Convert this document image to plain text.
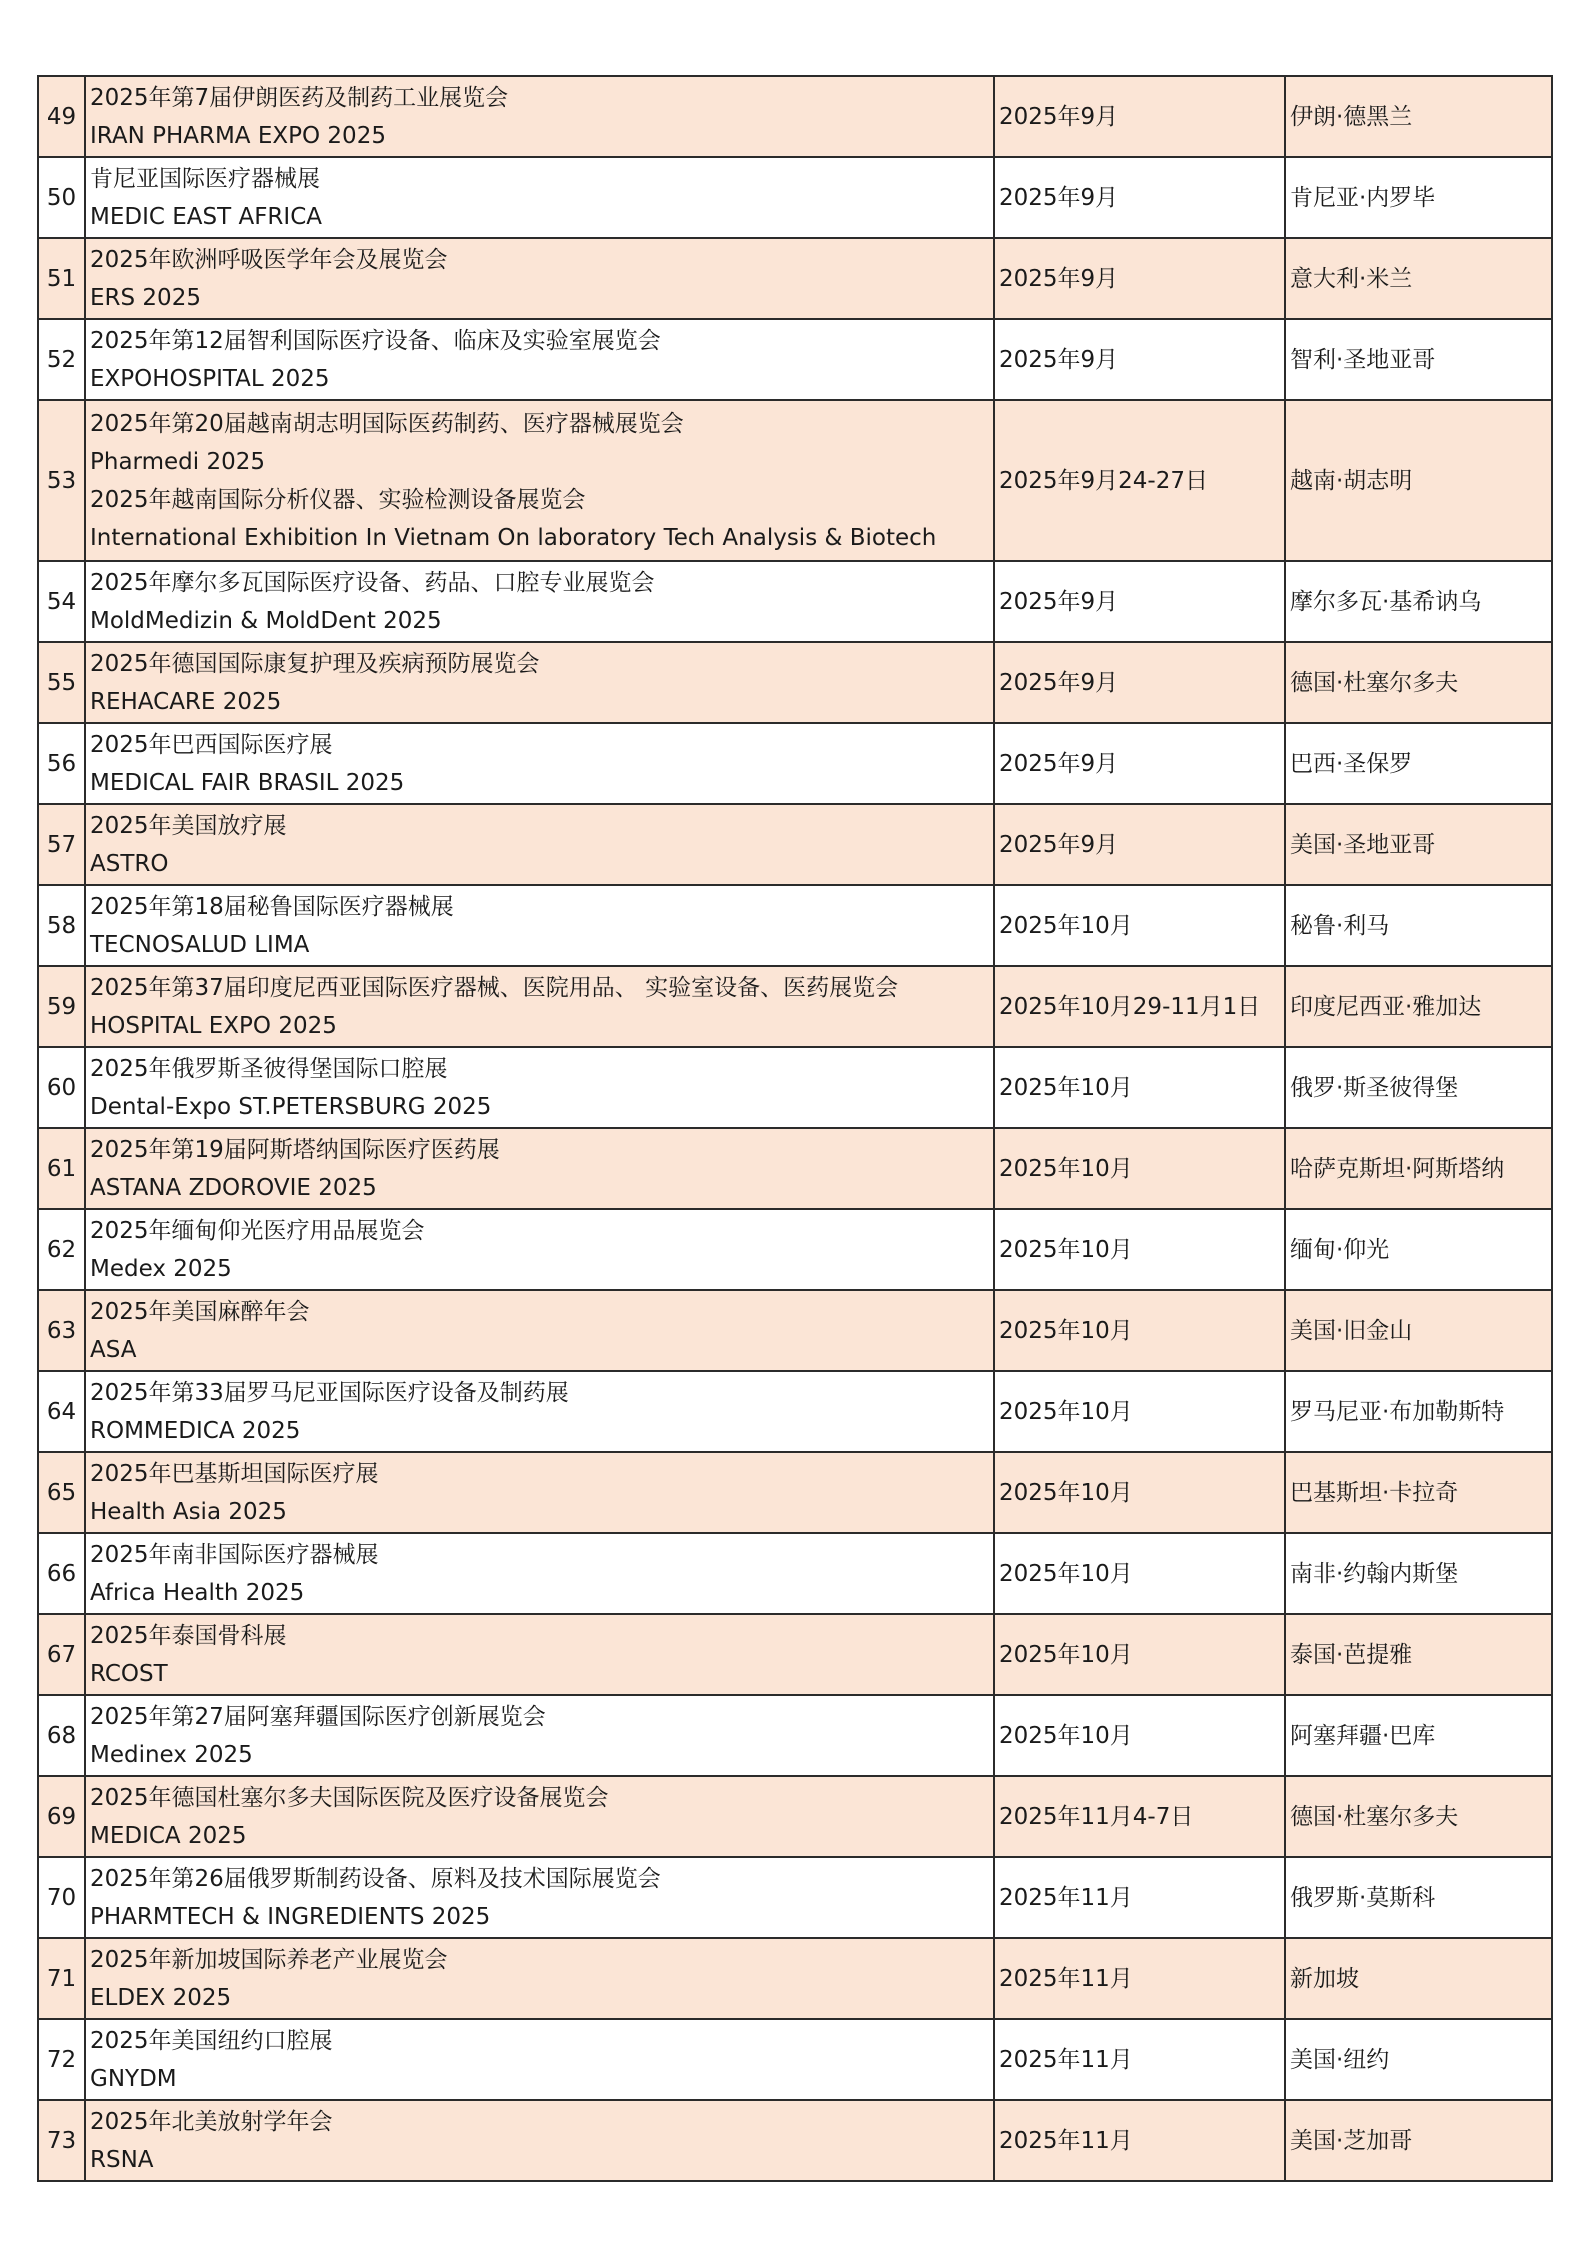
49	2025年第7届伊朗医药及制药工业展览会
IRAN PHARMA EXPO 2025	2025年9月	伊朗·德黑兰
50	肯尼亚国际医疗器械展
MEDIC EAST AFRICA	2025年9月	肯尼亚·内罗毕
51	2025年欧洲呼吸医学年会及展览会
ERS 2025	2025年9月	意大利·米兰
52	2025年第12届智利国际医疗设备、临床及实验室展览会
EXPOHOSPITAL 2025	2025年9月	智利·圣地亚哥
53	2025年第20届越南胡志明国际医药制药、医疗器械展览会
Pharmedi 2025
2025年越南国际分析仪器、实验检测设备展览会
International Exhibition In Vietnam On laboratory Tech Analysis & Biotech	2025年9月24-27日	越南·胡志明
54	2025年摩尔多瓦国际医疗设备、药品、口腔专业展览会
MoldMedizin & MoldDent 2025	2025年9月	摩尔多瓦·基希讷乌
55	2025年德国国际康复护理及疾病预防展览会
REHACARE 2025	2025年9月	德国·杜塞尔多夫
56	2025年巴西国际医疗展
MEDICAL FAIR BRASIL 2025	2025年9月	巴西·圣保罗
57	2025年美国放疗展
ASTRO	2025年9月	美国·圣地亚哥
58	2025年第18届秘鲁国际医疗器械展
TECNOSALUD LIMA	2025年10月	秘鲁·利马
59	2025年第37届印度尼西亚国际医疗器械、医院用品、 实验室设备、医药展览会
HOSPITAL EXPO 2025	2025年10月29-11月1日	印度尼西亚·雅加达
60	2025年俄罗斯圣彼得堡国际口腔展
Dental-Expo ST.PETERSBURG 2025	2025年10月	俄罗·斯圣彼得堡
61	2025年第19届阿斯塔纳国际医疗医药展
ASTANA ZDOROVIE 2025	2025年10月	哈萨克斯坦·阿斯塔纳
62	2025年缅甸仰光医疗用品展览会
Medex 2025	2025年10月	缅甸·仰光
63	2025年美国麻醉年会
ASA	2025年10月	美国·旧金山
64	2025年第33届罗马尼亚国际医疗设备及制药展
ROMMEDICA 2025	2025年10月	罗马尼亚·布加勒斯特
65	2025年巴基斯坦国际医疗展
Health Asia 2025	2025年10月	巴基斯坦·卡拉奇
66	2025年南非国际医疗器械展
Africa Health 2025	2025年10月	南非·约翰内斯堡
67	2025年泰国骨科展
RCOST	2025年10月	泰国·芭提雅
68	2025年第27届阿塞拜疆国际医疗创新展览会
Medinex 2025	2025年10月	阿塞拜疆·巴库
69	2025年德国杜塞尔多夫国际医院及医疗设备展览会
MEDICA 2025	2025年11月4-7日	德国·杜塞尔多夫
70	2025年第26届俄罗斯制药设备、原料及技术国际展览会
PHARMTECH & INGREDIENTS 2025	2025年11月	俄罗斯·莫斯科
71	2025年新加坡国际养老产业展览会
ELDEX 2025	2025年11月	新加坡
72	2025年美国纽约口腔展
GNYDM	2025年11月	美国·纽约
73	2025年北美放射学年会
RSNA	2025年11月	美国·芝加哥
